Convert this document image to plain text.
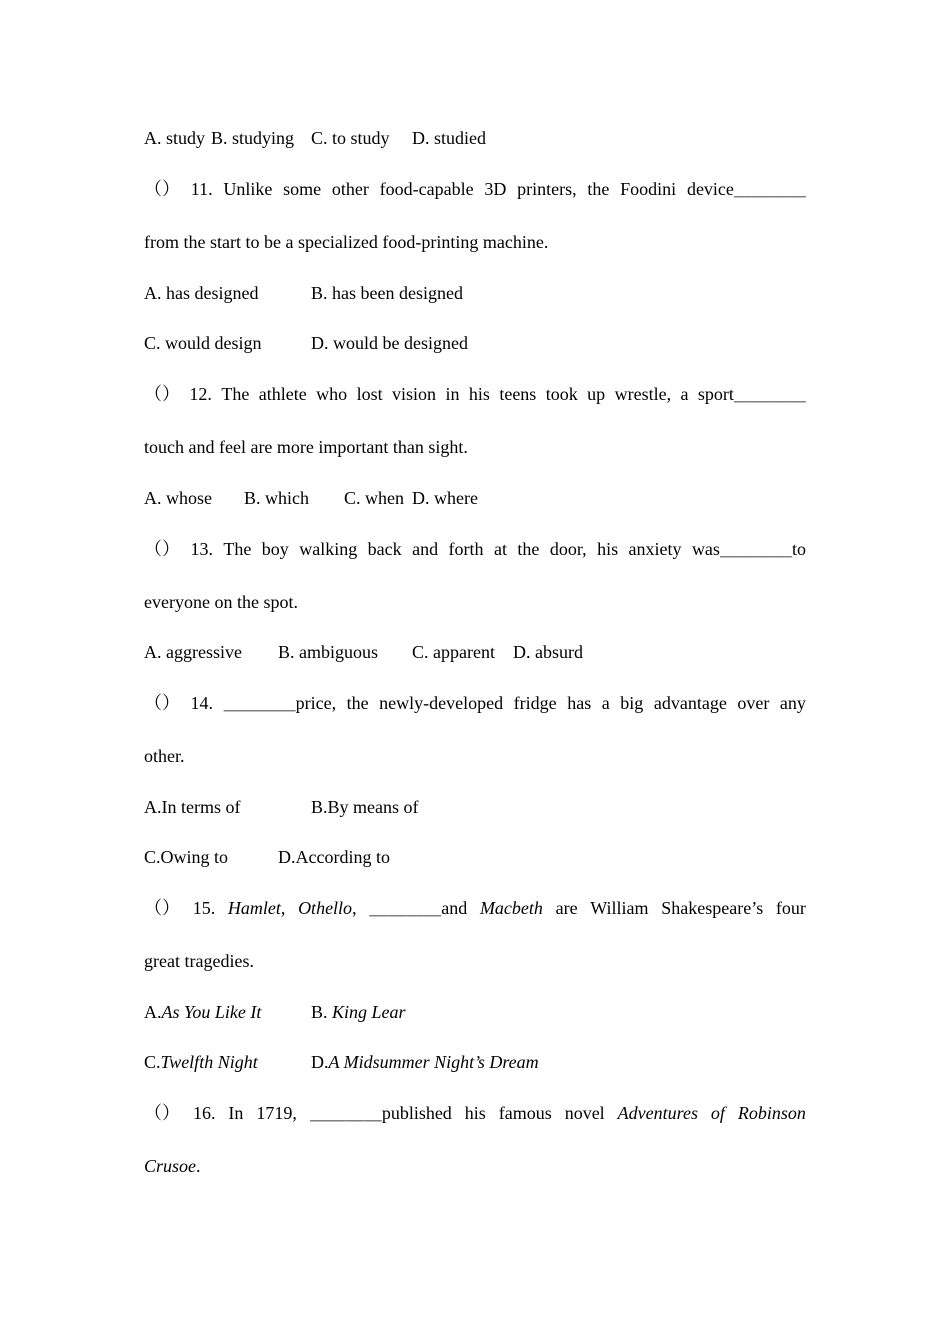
A. study B. studying C. to study D. studied
（） 11. Unlike some other food-capable 3D printers, the Foodini device ＿＿＿＿
from the start to be a specialized food-printing machine.
A. has designed	B. has been designed
C. would design	D. would be designed
（） 12. The athlete who lost vision in his teens took up wrestle, a sport ＿＿＿＿
touch and feel are more important than sight.
A. whose B. which C. when D. where
（） 13. The boy walking back and forth at the door, his anxiety was ＿＿＿＿ to
everyone on the spot.
A. aggressive B. ambiguous C. apparent D. absurd
（） 14. ＿＿＿＿ price, the newly-developed fridge has a big advantage over any
other.
A.In terms of	B.By means of
C.Owing to	D.According to
（） 15. Hamlet , Othello , ＿＿＿＿ and Macbeth are William Shakespeare’s four
great tragedies.
A.As You Like It	B. King Lear
C.Twelfth Night	D.A Midsummer Night’s Dream
（） 16. In 1719, ＿＿＿＿ published his famous novel Adventures of Robinson
Crusoe.
